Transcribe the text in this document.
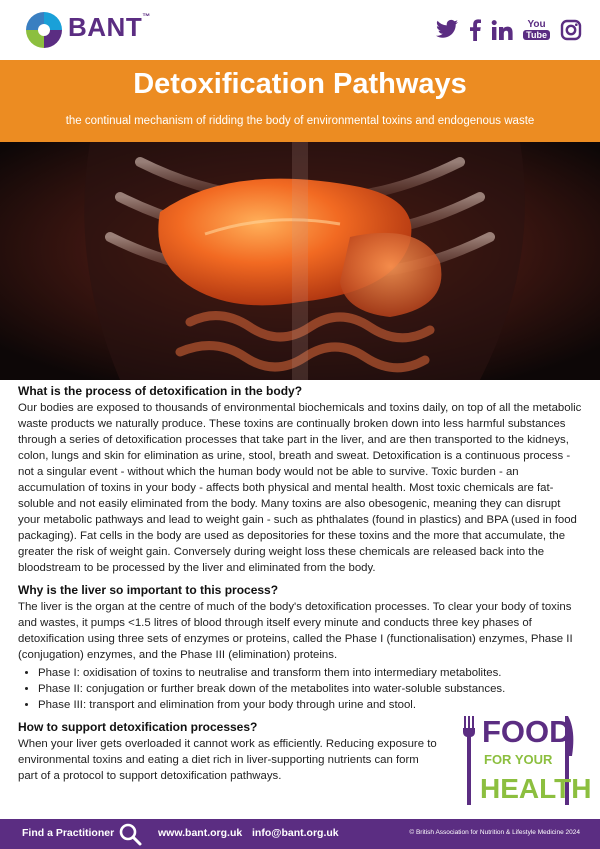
BANT™
You
Tube
Detoxification Pathways

the continual mechanism of ridding the body of environmental toxins and endogenous waste

What is the process of detoxification in the body?

Our bodies are exposed to thousands of environmental biochemicals and toxins daily, on top of all the metabolic waste products we naturally produce. These toxins are continually broken down into less harmful substances through a series of detoxification processes that take part in the liver, and are then transported to the kidneys, colon, lungs and skin for elimination as urine, stool, breath and sweat. Detoxification is a continuous process - not a singular event - without which the human body would not be able to survive. Toxic burden - an accumulation of toxins in your body - affects both physical and mental health. Most toxic chemicals are fat-soluble and not easily eliminated from the body. Many toxins are also obesogenic, meaning they can disrupt your metabolic pathways and lead to weight gain - such as phthalates (found in plastics) and BPA (used in food packaging). Fat cells in the body are used as depositories for these toxins and the more that accumulate, the greater the risk of weight gain. Conversely during weight loss these chemicals are released back into the bloodstream to be processed by the liver and eliminated from the body.

Why is the liver so important to this process?

The liver is the organ at the centre of much of the body's detoxification processes. To clear your body of toxins and wastes, it pumps <1.5 litres of blood through itself every minute and conducts three key phases of detoxification using three sets of enzymes or proteins, called the Phase I (functionalisation) enzymes, Phase II (conjugation) enzymes, and the Phase III (elimination) proteins.

• Phase I: oxidisation of toxins to neutralise and transform them into intermediary metabolites.
• Phase II: conjugation or further break down of the metabolites into water-soluble substances.
• Phase III: transport and elimination from your body through urine and stool.
How to support detoxification processes?

When your liver gets overloaded it cannot work as efficiently. Reducing exposure to environmental toxins and eating a diet rich in liver-supporting nutrients can form part of a protocol to support detoxification pathways.

FOOD
FOR YOUR
HEALTH
Find a Practitioner	www.bant.org.uk info@bant.org.uk	© British Association for Nutrition & Lifestyle Medicine 2024
